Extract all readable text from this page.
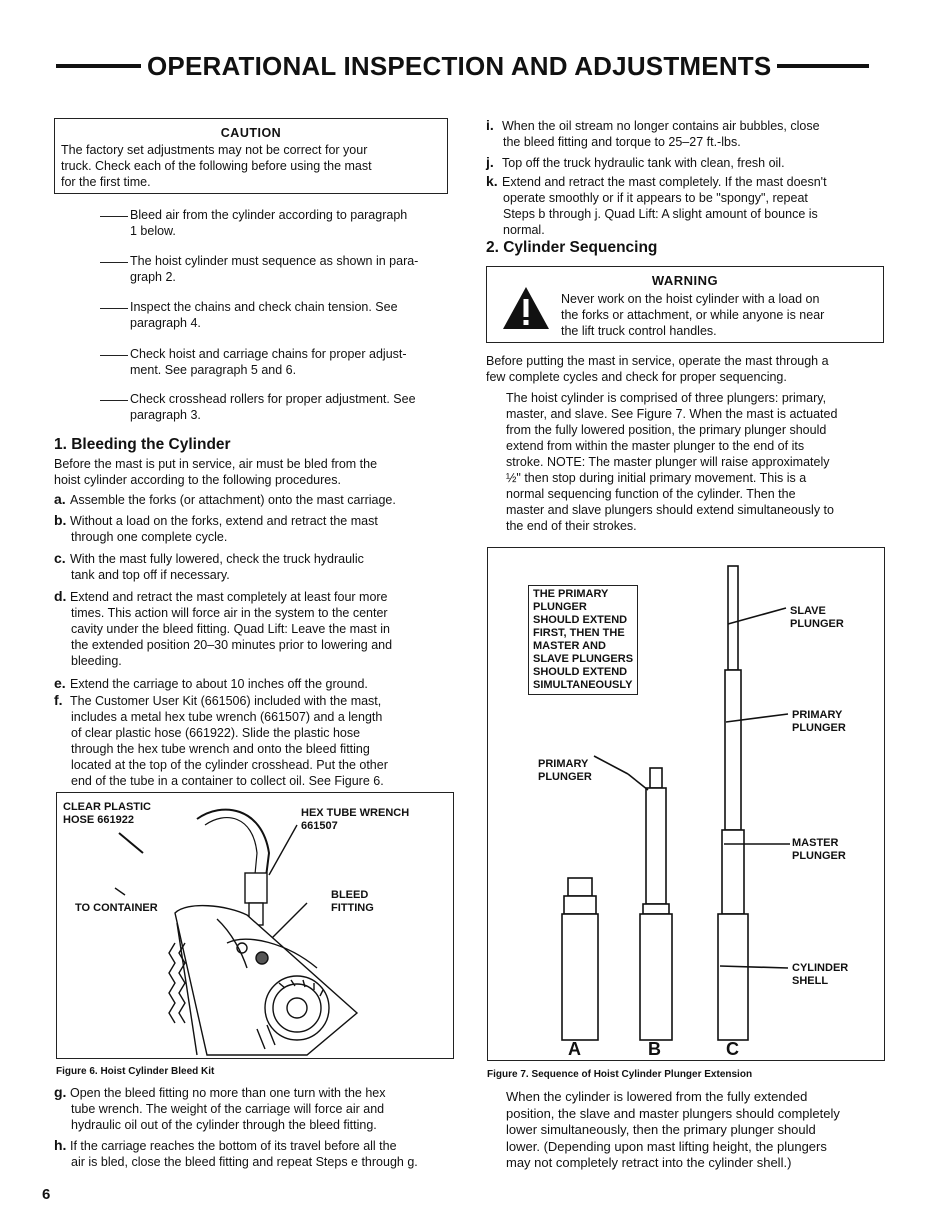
OPERATIONAL INSPECTION AND ADJUSTMENTS
CAUTION
The factory set adjustments may not be correct for your
truck. Check each of the following before using the mast
for the first time.
Bleed air from the cylinder according to paragraph
1 below.
The hoist cylinder must sequence as shown in para-
graph 2.
Inspect the chains and check chain tension. See
paragraph 4.
Check hoist and carriage chains for proper adjust-
ment. See paragraph 5 and 6.
Check crosshead rollers for proper adjustment. See
paragraph 3.
1. Bleeding the Cylinder
Before the mast is put in service, air must be bled from the
hoist cylinder according to the following procedures.
a. Assemble the forks (or attachment) onto the mast carriage.
b. Without a load on the forks, extend and retract the mast
through one complete cycle.
c. With the mast fully lowered, check the truck hydraulic
tank and top off if necessary.
d. Extend and retract the mast completely at least four more
times. This action will force air in the system to the center
cavity under the bleed fitting. Quad Lift: Leave the mast in
the extended position 20–30 minutes prior to lowering and
bleeding.
e. Extend the carriage to about 10 inches off the ground.
f. The Customer User Kit (661506) included with the mast,
includes a metal hex tube wrench (661507) and a length
of clear plastic hose (661922). Slide the plastic hose
through the hex tube wrench and onto the bleed fitting
located at the top of the cylinder crosshead. Put the other
end of the tube in a container to collect oil. See Figure 6.
CLEAR PLASTIC
HOSE 661922
HEX TUBE WRENCH
661507
TO CONTAINER
BLEED
FITTING
Figure 6. Hoist Cylinder Bleed Kit
g. Open the bleed fitting no more than one turn with the hex
tube wrench. The weight of the carriage will force air and
hydraulic oil out of the cylinder through the bleed fitting.
h. If the carriage reaches the bottom of its travel before all the
air is bled, close the bleed fitting and repeat Steps e through g.
i. When the oil stream no longer contains air bubbles, close
the bleed fitting and torque to 25–27 ft.-lbs.
j. Top off the truck hydraulic tank with clean, fresh oil.
k. Extend and retract the mast completely. If the mast doesn't
operate smoothly or if it appears to be "spongy", repeat
Steps b through j. Quad Lift: A slight amount of bounce is
normal.
2. Cylinder Sequencing
WARNING
Never work on the hoist cylinder with a load on
the forks or attachment, or while anyone is near
the lift truck control handles.
Before putting the mast in service, operate the mast through a
few complete cycles and check for proper sequencing.
The hoist cylinder is comprised of three plungers: primary,
master, and slave. See Figure 7. When the mast is actuated
from the fully lowered position, the primary plunger should
extend from within the master plunger to the end of its
stroke. NOTE: The master plunger will raise approximately
½" then stop during initial primary movement. This is a
normal sequencing function of the cylinder. Then the
master and slave plungers should extend simultaneously to
the end of their strokes.
THE PRIMARY
PLUNGER
SHOULD EXTEND
FIRST, THEN THE
MASTER AND
SLAVE PLUNGERS
SHOULD EXTEND
SIMULTANEOUSLY
SLAVE
PLUNGER
PRIMARY
PLUNGER
PRIMARY
PLUNGER
MASTER
PLUNGER
CYLINDER
SHELL
A	B	C
Figure 7. Sequence of Hoist Cylinder Plunger Extension
When the cylinder is lowered from the fully extended
position, the slave and master plungers should completely
lower simultaneously, then the primary plunger should
lower. (Depending upon mast lifting height, the plungers
may not completely retract into the cylinder shell.)
6
